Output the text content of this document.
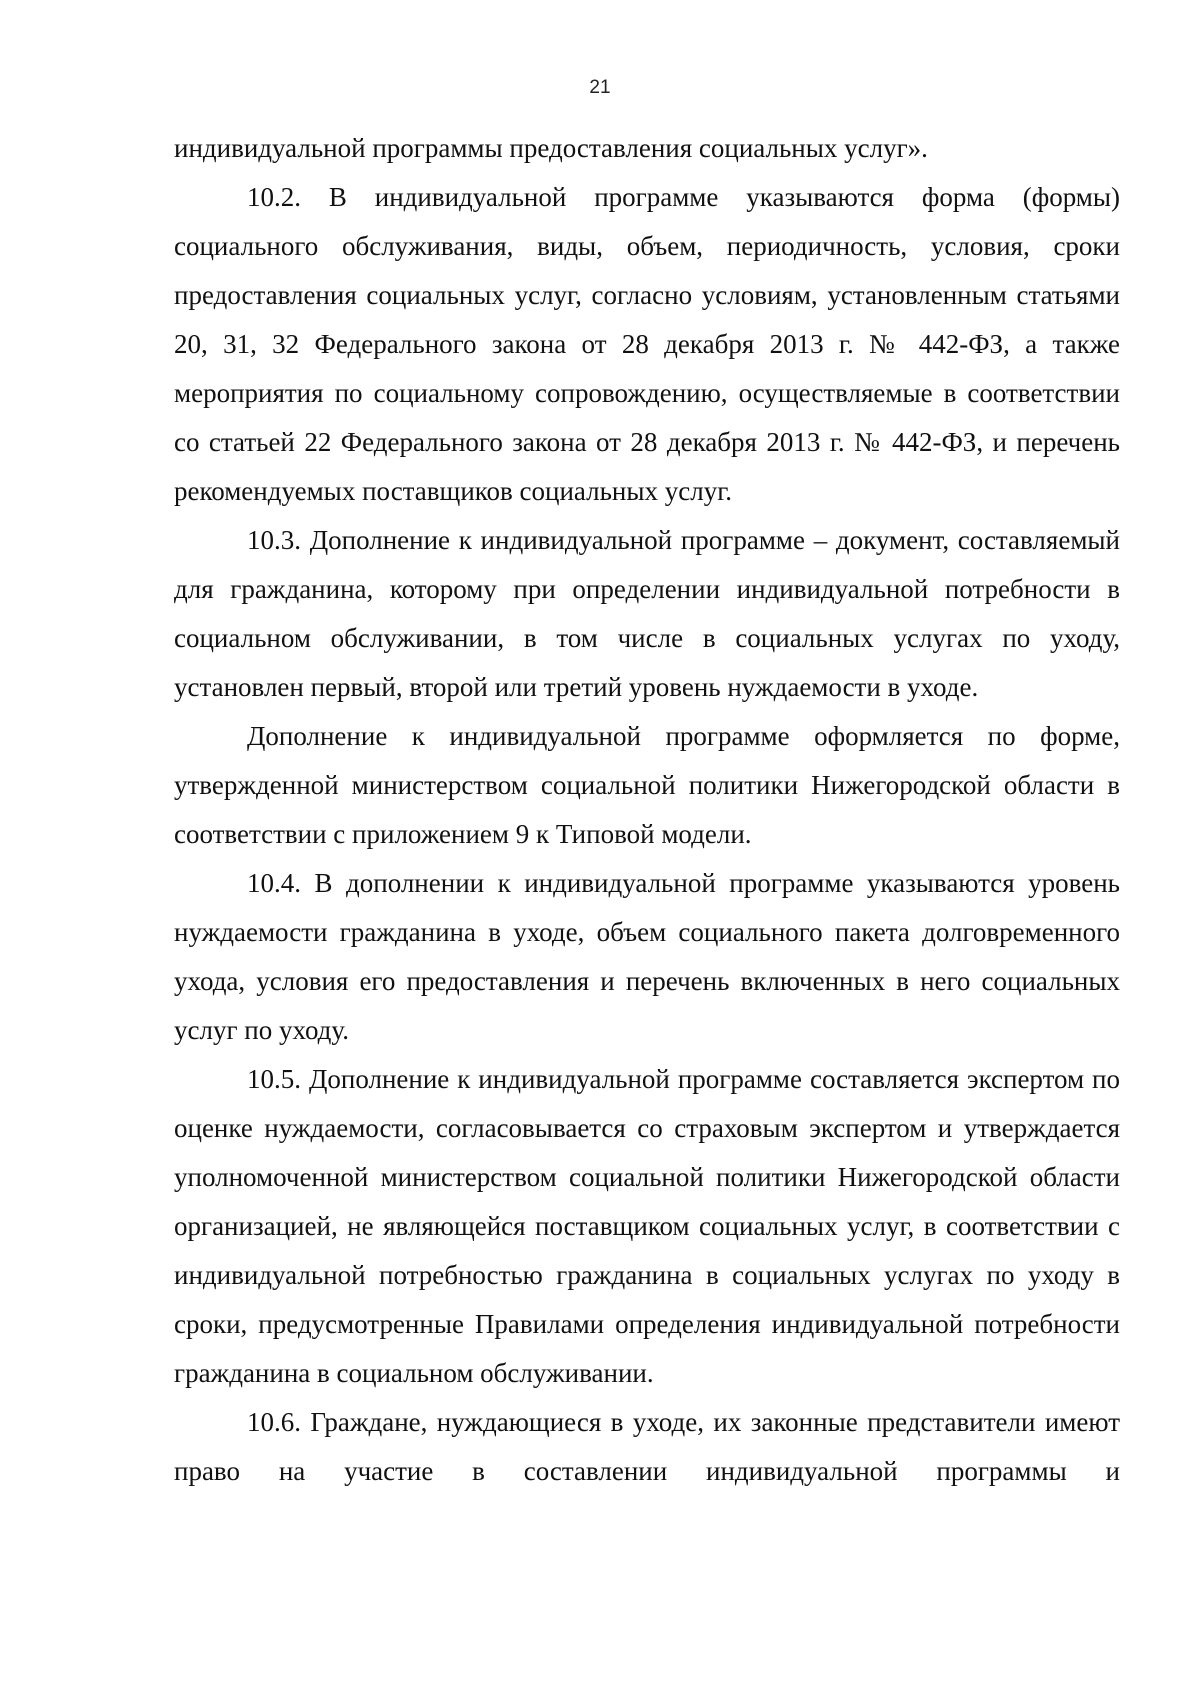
21

индивидуальной программы предоставления социальных услуг».

10.2. В индивидуальной программе указываются форма (формы) социального обслуживания, виды, объем, периодичность, условия, сроки предоставления социальных услуг, согласно условиям, установленным статьями 20, 31, 32 Федерального закона от 28 декабря 2013 г. № 442-ФЗ, а также мероприятия по социальному сопровождению, осуществляемые в соответствии со статьей 22 Федерального закона от 28 декабря 2013 г. № 442-ФЗ, и перечень рекомендуемых поставщиков социальных услуг.

10.3. Дополнение к индивидуальной программе – документ, составляемый для гражданина, которому при определении индивидуальной потребности в социальном обслуживании, в том числе в социальных услугах по уходу, установлен первый, второй или третий уровень нуждаемости в уходе.

Дополнение к индивидуальной программе оформляется по форме, утвержденной министерством социальной политики Нижегородской области в соответствии с приложением 9 к Типовой модели.

10.4. В дополнении к индивидуальной программе указываются уровень нуждаемости гражданина в уходе, объем социального пакета долговременного ухода, условия его предоставления и перечень включенных в него социальных услуг по уходу.

10.5. Дополнение к индивидуальной программе составляется экспертом по оценке нуждаемости, согласовывается со страховым экспертом и утверждается уполномоченной министерством социальной политики Нижегородской области организацией, не являющейся поставщиком социальных услуг, в соответствии с индивидуальной потребностью гражданина в социальных услугах по уходу в сроки, предусмотренные Правилами определения индивидуальной потребности гражданина в социальном обслуживании.

10.6. Граждане, нуждающиеся в уходе, их законные представители имеют право на участие в составлении индивидуальной программы и
